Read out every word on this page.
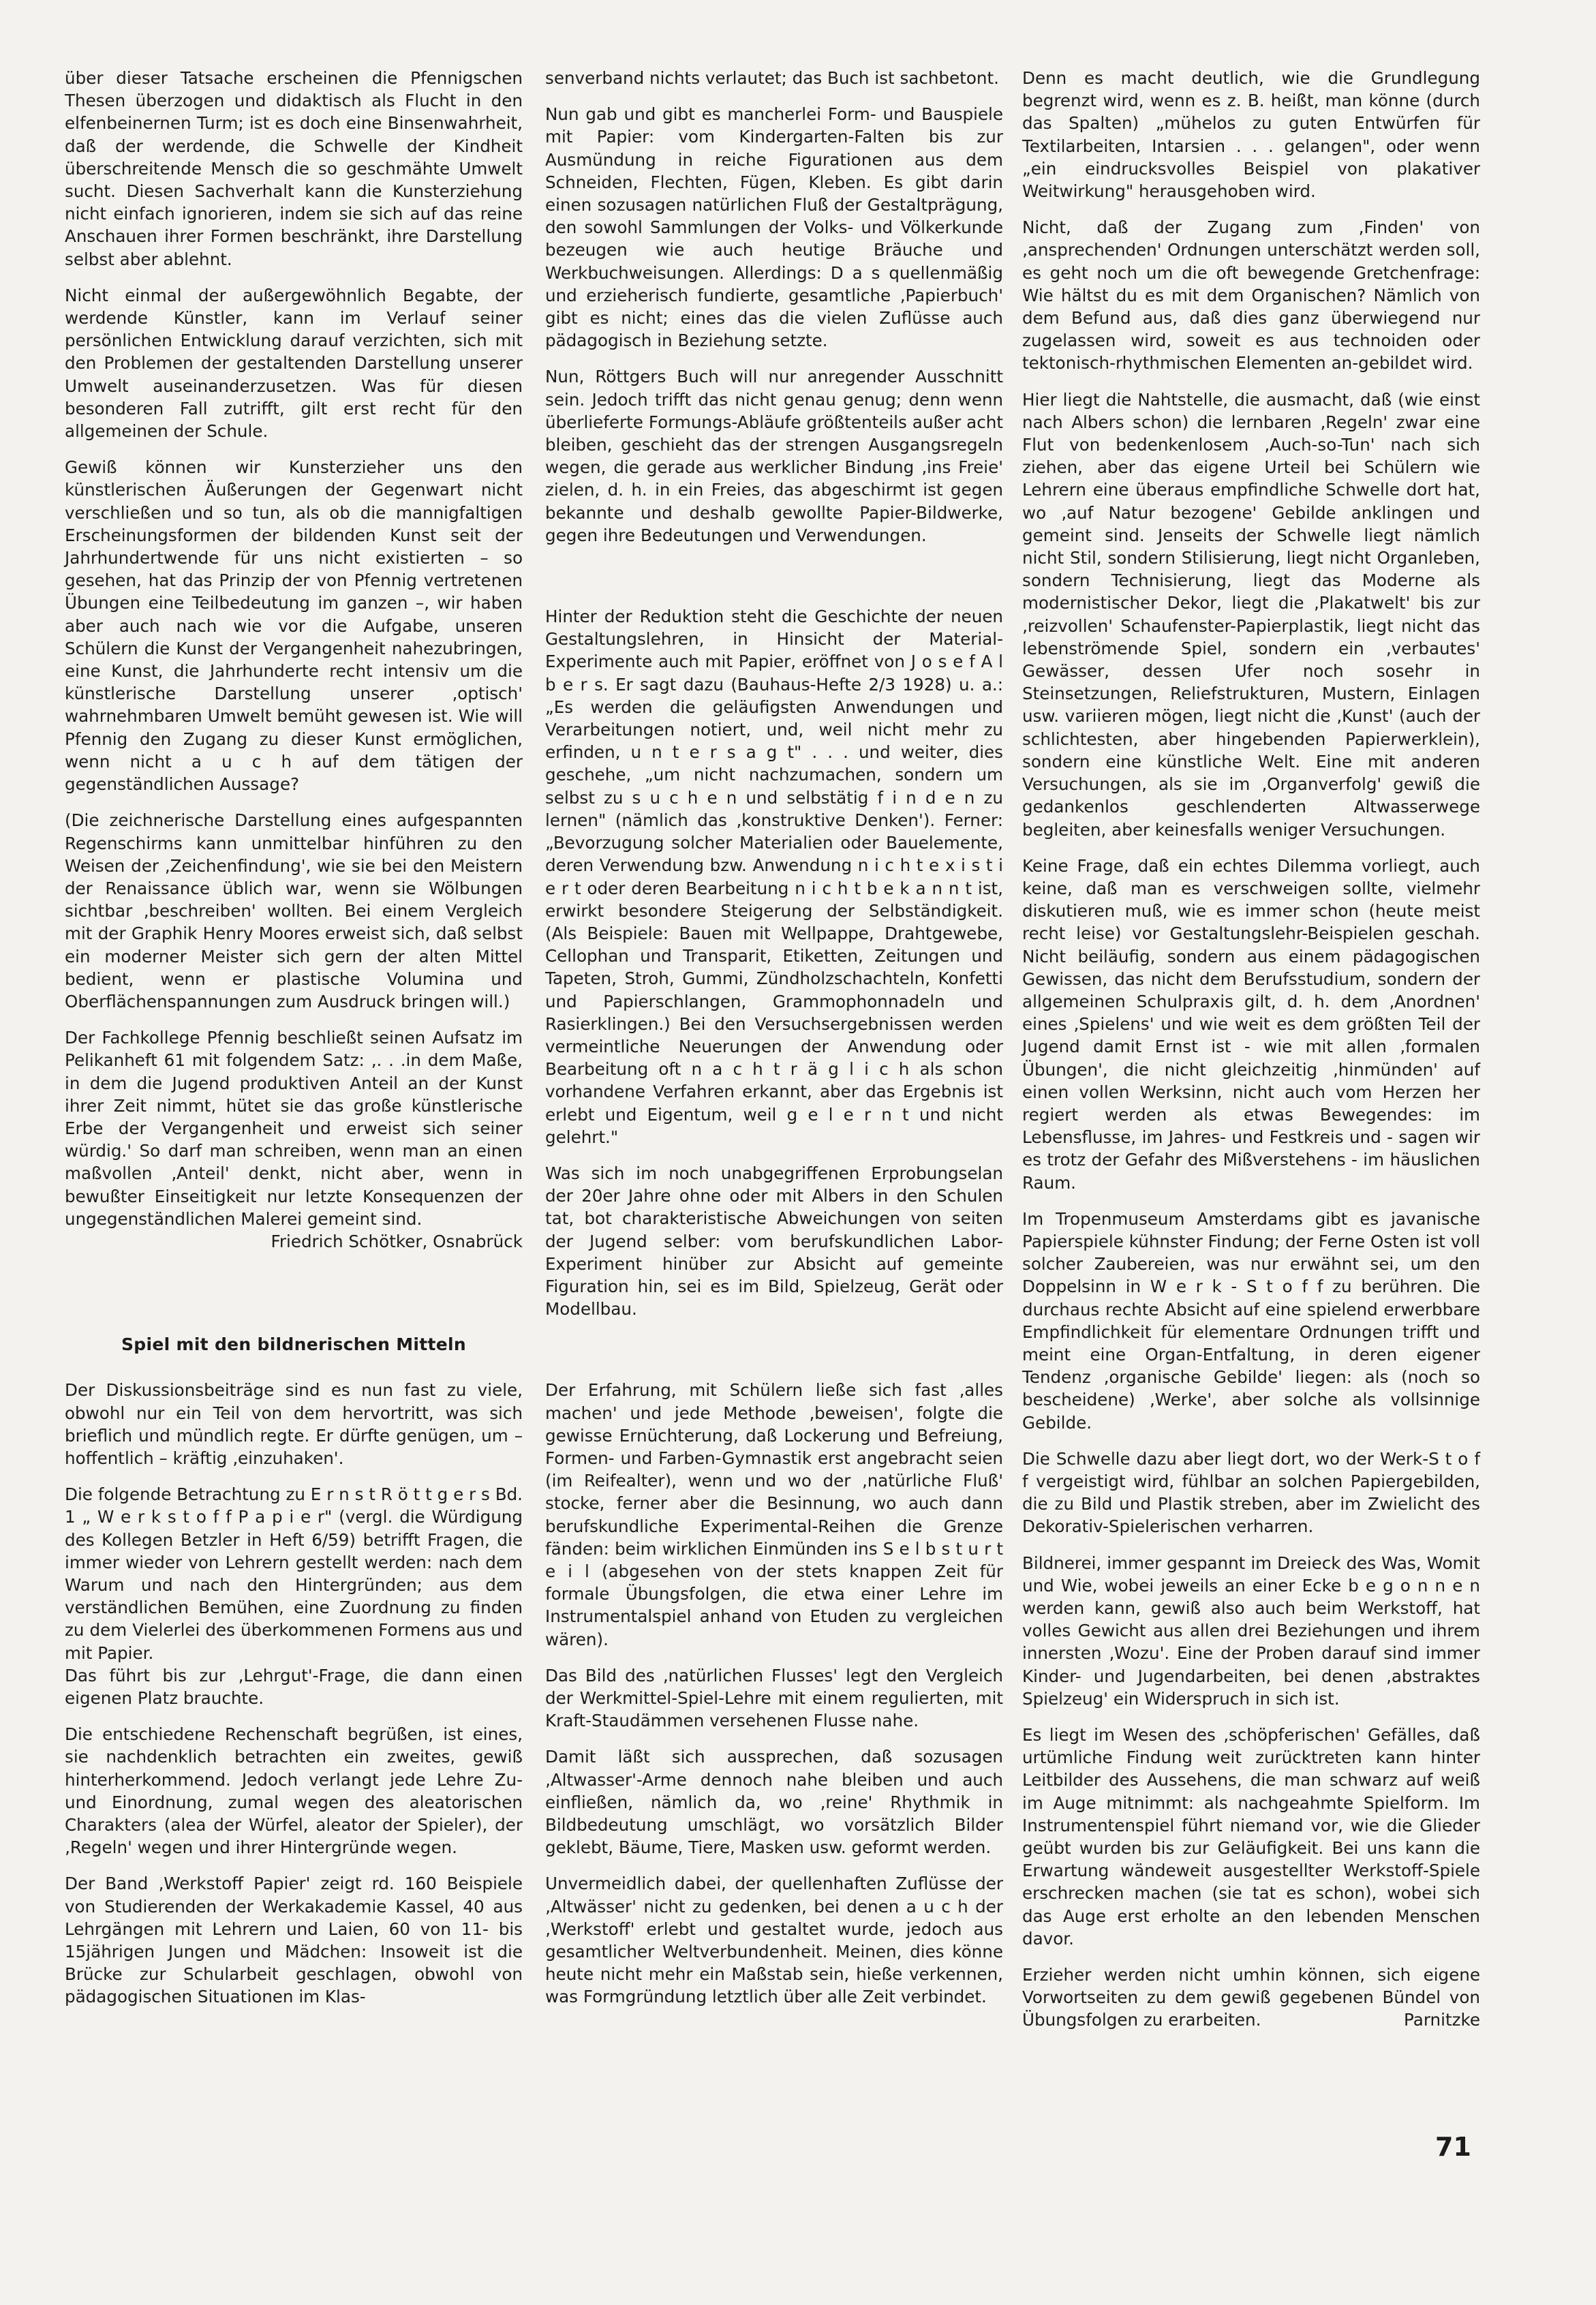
über dieser Tatsache erscheinen die Pfennigschen Thesen überzogen und didaktisch als Flucht in den elfenbeinernen Turm; ist es doch eine Binsenwahrheit, daß der werdende, die Schwelle der Kindheit überschreitende Mensch die so geschmähte Umwelt sucht. Diesen Sachverhalt kann die Kunsterziehung nicht einfach ignorieren, indem sie sich auf das reine Anschauen ihrer Formen beschränkt, ihre Darstellung selbst aber ablehnt.

Nicht einmal der außergewöhnlich Begabte, der werdende Künstler, kann im Verlauf seiner persönlichen Entwicklung darauf verzichten, sich mit den Problemen der gestaltenden Darstellung unserer Umwelt auseinanderzusetzen. Was für diesen besonderen Fall zutrifft, gilt erst recht für den allgemeinen der Schule.

Gewiß können wir Kunsterzieher uns den künstlerischen Äußerungen der Gegenwart nicht verschließen und so tun, als ob die mannigfaltigen Erscheinungsformen der bildenden Kunst seit der Jahrhundertwende für uns nicht existierten – so gesehen, hat das Prinzip der von Pfennig vertretenen Übungen eine Teilbedeutung im ganzen –, wir haben aber auch nach wie vor die Aufgabe, unseren Schülern die Kunst der Vergangenheit nahezubringen, eine Kunst, die Jahrhunderte recht intensiv um die künstlerische Darstellung unserer ‚optisch' wahrnehmbaren Umwelt bemüht gewesen ist. Wie will Pfennig den Zugang zu dieser Kunst ermöglichen, wenn nicht a u c h auf dem tätigen der gegenständlichen Aussage?

(Die zeichnerische Darstellung eines aufgespannten Regenschirms kann unmittelbar hinführen zu den Weisen der ‚Zeichenfindung', wie sie bei den Meistern der Renaissance üblich war, wenn sie Wölbungen sichtbar ‚beschreiben' wollten. Bei einem Vergleich mit der Graphik Henry Moores erweist sich, daß selbst ein moderner Meister sich gern der alten Mittel bedient, wenn er plastische Volumina und Oberflächenspannungen zum Ausdruck bringen will.)

Der Fachkollege Pfennig beschließt seinen Aufsatz im Pelikanheft 61 mit folgendem Satz: ‚. . .in dem Maße, in dem die Jugend produktiven Anteil an der Kunst ihrer Zeit nimmt, hütet sie das große künstlerische Erbe der Vergangenheit und erweist sich seiner würdig.' So darf man schreiben, wenn man an einen maßvollen ‚Anteil' denkt, nicht aber, wenn in bewußter Einseitigkeit nur letzte Konsequenzen der ungegenständlichen Malerei gemeint sind.

Friedrich Schötker, Osnabrück
Spiel mit den bildnerischen Mitteln

Der Diskussionsbeiträge sind es nun fast zu viele, obwohl nur ein Teil von dem hervortritt, was sich brieflich und mündlich regte. Er dürfte genügen, um – hoffentlich – kräftig ‚einzuhaken'.

Die folgende Betrachtung zu E r n s t R ö t t g e r s Bd. 1 „ W e r k s t o f f P a p i e r" (vergl. die Würdigung des Kollegen Betzler in Heft 6/59) betrifft Fragen, die immer wieder von Lehrern gestellt werden: nach dem Warum und nach den Hintergründen; aus dem verständlichen Bemühen, eine Zuordnung zu finden zu dem Vielerlei des überkommenen Formens aus und mit Papier.
Das führt bis zur ‚Lehrgut'-Frage, die dann einen eigenen Platz brauchte.

Die entschiedene Rechenschaft begrüßen, ist eines, sie nachdenklich betrachten ein zweites, gewiß hinterherkommend. Jedoch verlangt jede Lehre Zu- und Einordnung, zumal wegen des aleatorischen Charakters (alea der Würfel, aleator der Spieler), der ‚Regeln' wegen und ihrer Hintergründe wegen.

Der Band ‚Werkstoff Papier' zeigt rd. 160 Beispiele von Studierenden der Werkakademie Kassel, 40 aus Lehrgängen mit Lehrern und Laien, 60 von 11- bis 15jährigen Jungen und Mädchen: Insoweit ist die Brücke zur Schularbeit geschlagen, obwohl von pädagogischen Situationen im Klas-

senverband nichts verlautet; das Buch ist sachbetont.

Nun gab und gibt es mancherlei Form- und Bauspiele mit Papier: vom Kindergarten-Falten bis zur Ausmündung in reiche Figurationen aus dem Schneiden, Flechten, Fügen, Kleben. Es gibt darin einen sozusagen natürlichen Fluß der Gestaltprägung, den sowohl Sammlungen der Volks- und Völkerkunde bezeugen wie auch heutige Bräuche und Werkbuchweisungen. Allerdings: D a s quellenmäßig und erzieherisch fundierte, gesamtliche ‚Papierbuch' gibt es nicht; eines das die vielen Zuflüsse auch pädagogisch in Beziehung setzte.

Nun, Röttgers Buch will nur anregender Ausschnitt sein. Jedoch trifft das nicht genau genug; denn wenn überlieferte Formungs-Abläufe größtenteils außer acht bleiben, geschieht das der strengen Ausgangsregeln wegen, die gerade aus werklicher Bindung ‚ins Freie' zielen, d. h. in ein Freies, das abgeschirmt ist gegen bekannte und deshalb gewollte Papier-Bildwerke, gegen ihre Bedeutungen und Verwendungen.

Hinter der Reduktion steht die Geschichte der neuen Gestaltungslehren, in Hinsicht der Material-Experimente auch mit Papier, eröffnet von J o s e f A l b e r s. Er sagt dazu (Bauhaus-Hefte 2/3 1928) u. a.: „Es werden die geläufigsten Anwendungen und Verarbeitungen notiert, und, weil nicht mehr zu erfinden, u n t e r s a g t" . . . und weiter, dies geschehe, „um nicht nachzumachen, sondern um selbst zu s u c h e n und selbstätig f i n d e n zu lernen" (nämlich das ‚konstruktive Denken'). Ferner: „Bevorzugung solcher Materialien oder Bauelemente, deren Verwendung bzw. Anwendung n i c h t e x i s t i e r t oder deren Bearbeitung n i c h t b e k a n n t ist, erwirkt besondere Steigerung der Selbständigkeit. (Als Beispiele: Bauen mit Wellpappe, Drahtgewebe, Cellophan und Transparit, Etiketten, Zeitungen und Tapeten, Stroh, Gummi, Zündholzschachteln, Konfetti und Papierschlangen, Grammophonnadeln und Rasierklingen.) Bei den Versuchsergebnissen werden vermeintliche Neuerungen der Anwendung oder Bearbeitung oft n a c h t r ä g l i c h als schon vorhandene Verfahren erkannt, aber das Ergebnis ist erlebt und Eigentum, weil g e l e r n t und nicht gelehrt."

Was sich im noch unabgegriffenen Erprobungselan der 20er Jahre ohne oder mit Albers in den Schulen tat, bot charakteristische Abweichungen von seiten der Jugend selber: vom berufskundlichen Labor-Experiment hinüber zur Absicht auf gemeinte Figuration hin, sei es im Bild, Spielzeug, Gerät oder Modellbau.

Der Erfahrung, mit Schülern ließe sich fast ‚alles machen' und jede Methode ‚beweisen', folgte die gewisse Ernüchterung, daß Lockerung und Befreiung, Formen- und Farben-Gymnastik erst angebracht seien (im Reifealter), wenn und wo der ‚natürliche Fluß' stocke, ferner aber die Besinnung, wo auch dann berufskundliche Experimental-Reihen die Grenze fänden: beim wirklichen Einmünden ins S e l b s t u r t e i l (abgesehen von der stets knappen Zeit für formale Übungsfolgen, die etwa einer Lehre im Instrumentalspiel anhand von Etuden zu vergleichen wären).

Das Bild des ‚natürlichen Flusses' legt den Vergleich der Werkmittel-Spiel-Lehre mit einem regulierten, mit Kraft-Staudämmen versehenen Flusse nahe.

Damit läßt sich aussprechen, daß sozusagen ‚Altwasser'-Arme dennoch nahe bleiben und auch einfließen, nämlich da, wo ‚reine' Rhythmik in Bildbedeutung umschlägt, wo vorsätzlich Bilder geklebt, Bäume, Tiere, Masken usw. geformt werden.

Unvermeidlich dabei, der quellenhaften Zuflüsse der ‚Altwässer' nicht zu gedenken, bei denen a u c h der ‚Werkstoff' erlebt und gestaltet wurde, jedoch aus gesamtlicher Weltverbundenheit. Meinen, dies könne heute nicht mehr ein Maßstab sein, hieße verkennen, was Formgründung letztlich über alle Zeit verbindet.

Denn es macht deutlich, wie die Grundlegung begrenzt wird, wenn es z. B. heißt, man könne (durch das Spalten) „mühelos zu guten Entwürfen für Textilarbeiten, Intarsien . . . gelangen", oder wenn „ein eindrucksvolles Beispiel von plakativer Weitwirkung" herausgehoben wird.

Nicht, daß der Zugang zum ‚Finden' von ‚ansprechenden' Ordnungen unterschätzt werden soll, es geht noch um die oft bewegende Gretchenfrage: Wie hältst du es mit dem Organischen? Nämlich von dem Befund aus, daß dies ganz überwiegend nur zugelassen wird, soweit es aus technoiden oder tektonisch-rhythmischen Elementen an-gebildet wird.

Hier liegt die Nahtstelle, die ausmacht, daß (wie einst nach Albers schon) die lernbaren ‚Regeln' zwar eine Flut von bedenkenlosem ‚Auch-so-Tun' nach sich ziehen, aber das eigene Urteil bei Schülern wie Lehrern eine überaus empfindliche Schwelle dort hat, wo ‚auf Natur bezogene' Gebilde anklingen und gemeint sind. Jenseits der Schwelle liegt nämlich nicht Stil, sondern Stilisierung, liegt nicht Organleben, sondern Technisierung, liegt das Moderne als modernistischer Dekor, liegt die ‚Plakatwelt' bis zur ‚reizvollen' Schaufenster-Papierplastik, liegt nicht das lebenströmende Spiel, sondern ein ‚verbautes' Gewässer, dessen Ufer noch sosehr in Steinsetzungen, Reliefstrukturen, Mustern, Einlagen usw. variieren mögen, liegt nicht die ‚Kunst' (auch der schlichtesten, aber hingebenden Papierwerklein), sondern eine künstliche Welt. Eine mit anderen Versuchungen, als sie im ‚Organverfolg' gewiß die gedankenlos geschlenderten Altwasserwege begleiten, aber keinesfalls weniger Versuchungen.

Keine Frage, daß ein echtes Dilemma vorliegt, auch keine, daß man es verschweigen sollte, vielmehr diskutieren muß, wie es immer schon (heute meist recht leise) vor Gestaltungslehr-Beispielen geschah. Nicht beiläufig, sondern aus einem pädagogischen Gewissen, das nicht dem Berufsstudium, sondern der allgemeinen Schulpraxis gilt, d. h. dem ‚Anordnen' eines ‚Spielens' und wie weit es dem größten Teil der Jugend damit Ernst ist - wie mit allen ‚formalen Übungen', die nicht gleichzeitig ‚hinmünden' auf einen vollen Werksinn, nicht auch vom Herzen her regiert werden als etwas Bewegendes: im Lebensflusse, im Jahres- und Festkreis und - sagen wir es trotz der Gefahr des Mißverstehens - im häuslichen Raum.

Im Tropenmuseum Amsterdams gibt es javanische Papierspiele kühnster Findung; der Ferne Osten ist voll solcher Zaubereien, was nur erwähnt sei, um den Doppelsinn in W e r k - S t o f f zu berühren. Die durchaus rechte Absicht auf eine spielend erwerbbare Empfindlichkeit für elementare Ordnungen trifft und meint eine Organ-Entfaltung, in deren eigener Tendenz ‚organische Gebilde' liegen: als (noch so bescheidene) ‚Werke', aber solche als vollsinnige Gebilde.

Die Schwelle dazu aber liegt dort, wo der Werk-S t o f f vergeistigt wird, fühlbar an solchen Papiergebilden, die zu Bild und Plastik streben, aber im Zwielicht des Dekorativ-Spielerischen verharren.

Bildnerei, immer gespannt im Dreieck des Was, Womit und Wie, wobei jeweils an einer Ecke b e g o n n e n werden kann, gewiß also auch beim Werkstoff, hat volles Gewicht aus allen drei Beziehungen und ihrem innersten ‚Wozu'. Eine der Proben darauf sind immer Kinder- und Jugendarbeiten, bei denen ‚abstraktes Spielzeug' ein Widerspruch in sich ist.

Es liegt im Wesen des ‚schöpferischen' Gefälles, daß urtümliche Findung weit zurücktreten kann hinter Leitbilder des Aussehens, die man schwarz auf weiß im Auge mitnimmt: als nachgeahmte Spielform. Im Instrumentenspiel führt niemand vor, wie die Glieder geübt wurden bis zur Geläufigkeit. Bei uns kann die Erwartung wändeweit ausgestellter Werkstoff-Spiele erschrecken machen (sie tat es schon), wobei sich das Auge erst erholte an den lebenden Menschen davor.

Erzieher werden nicht umhin können, sich eigene Vorwortseiten zu dem gewiß gegebenen Bündel von Übungsfolgen zu erarbeiten.	Parnitzke

71
